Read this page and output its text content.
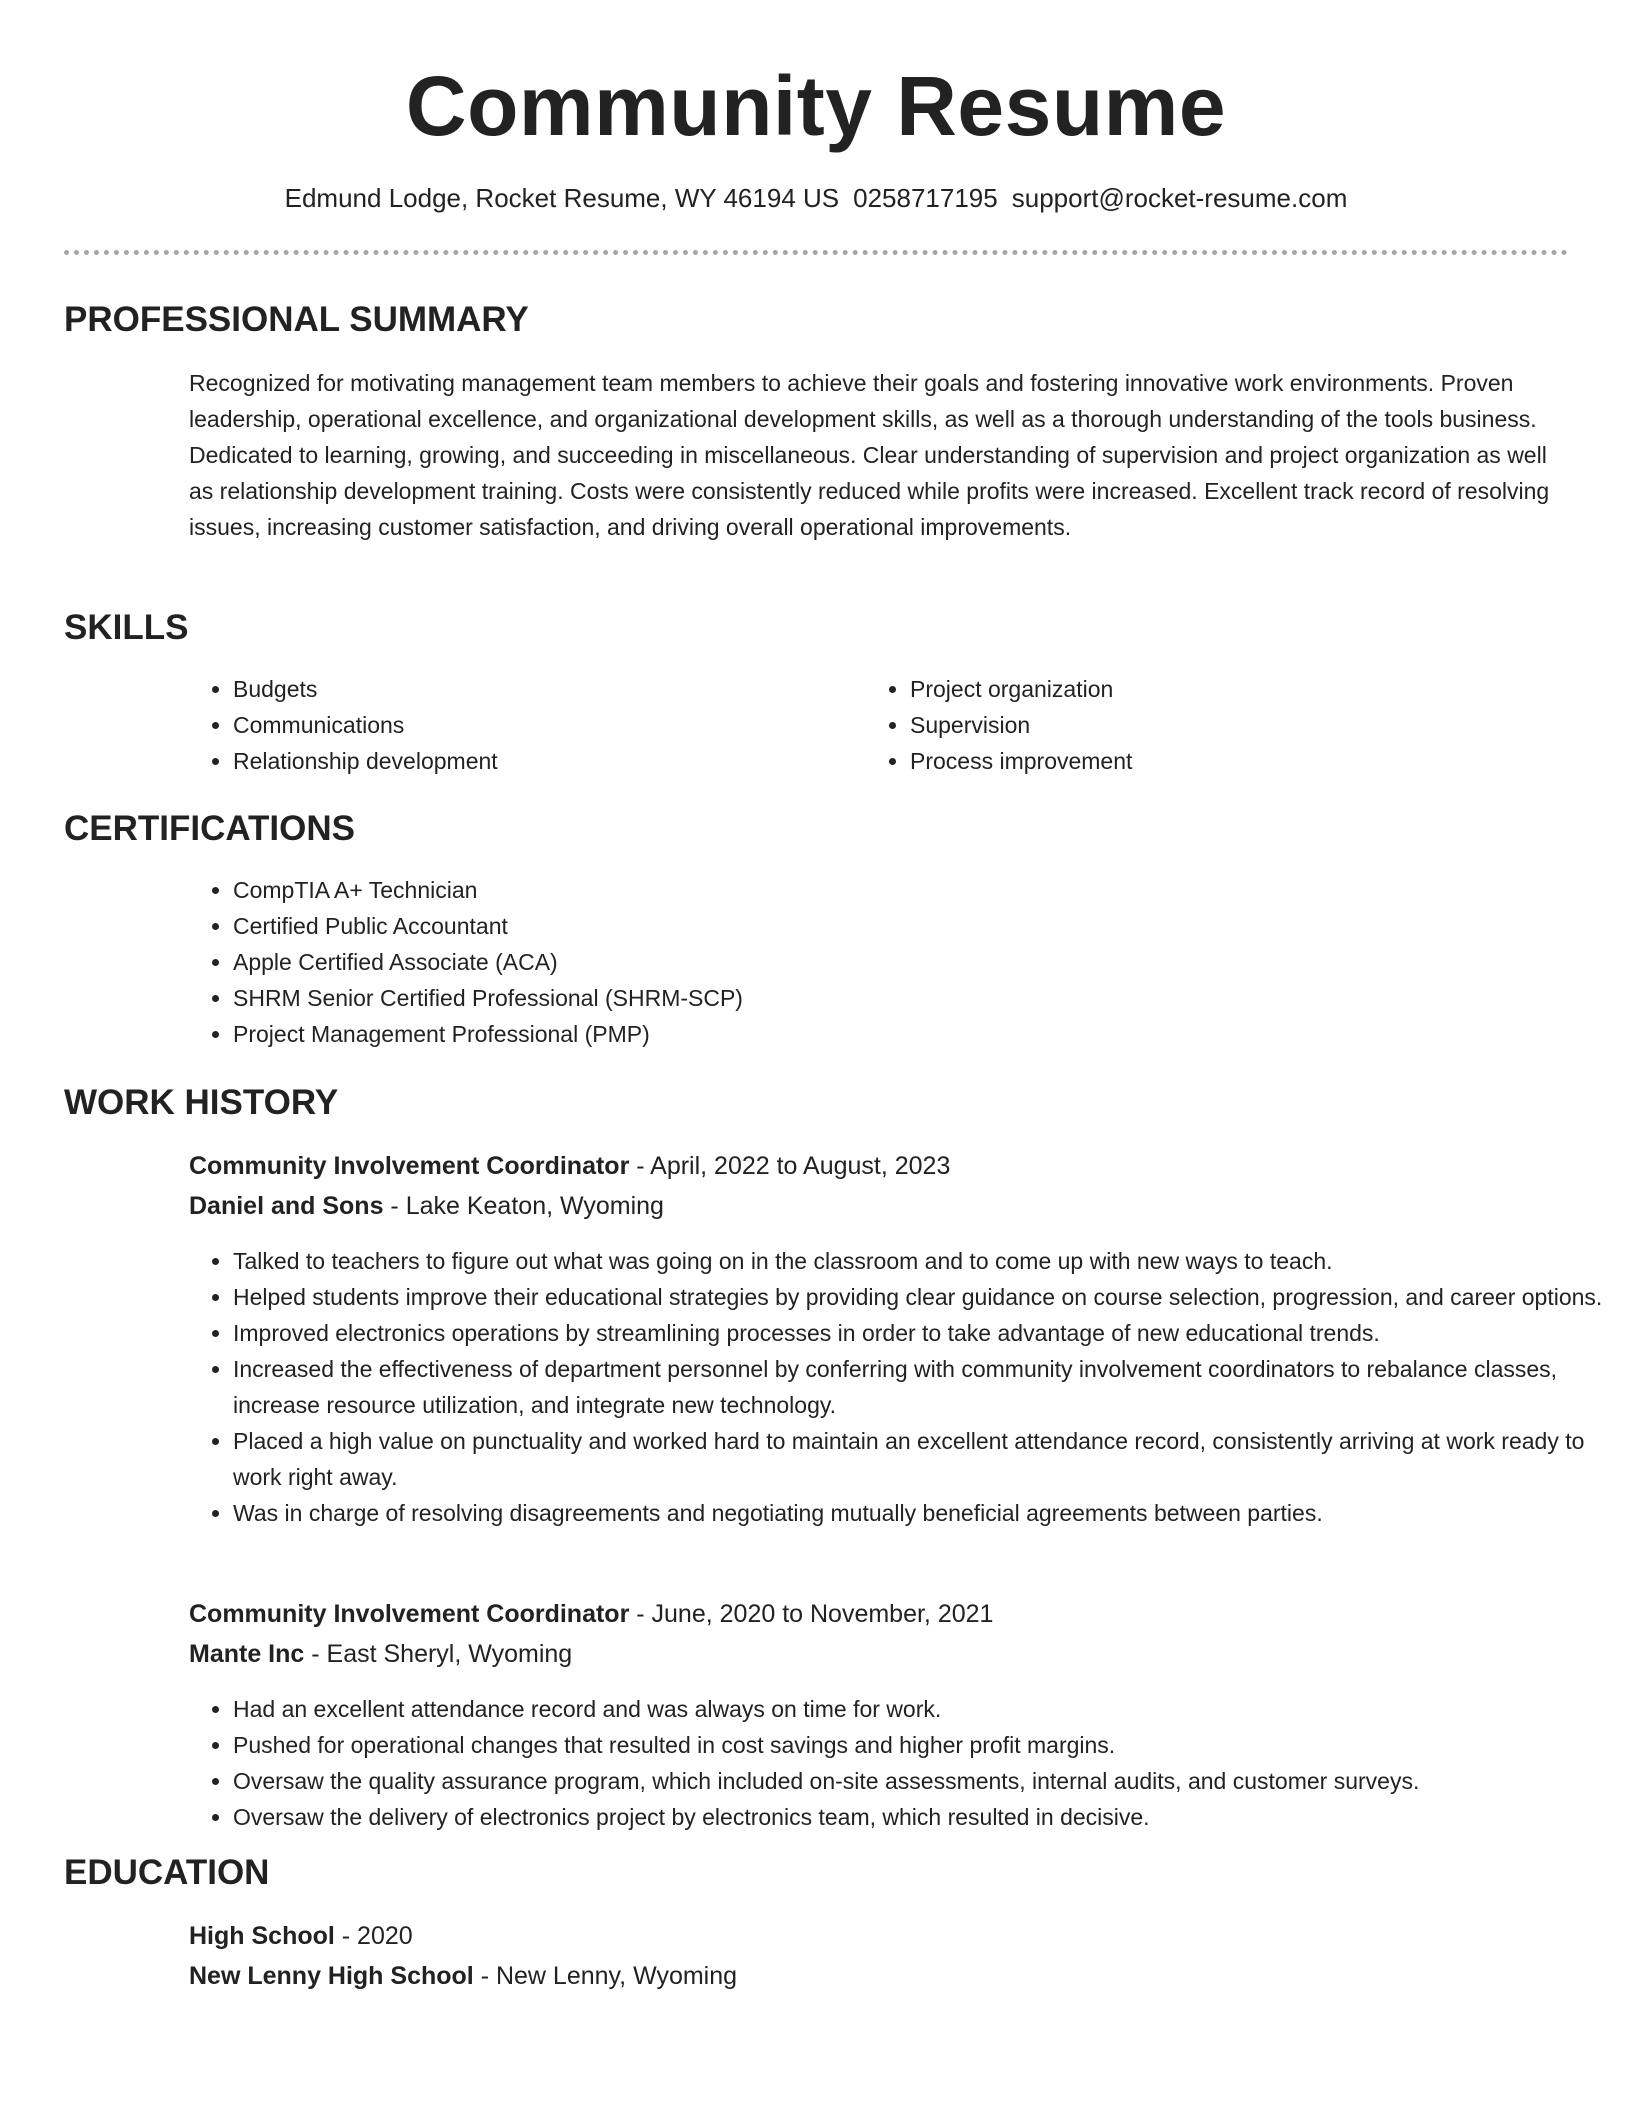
Community Resume
Edmund Lodge, Rocket Resume, WY 46194 US 0258717195 support@rocket-resume.com
PROFESSIONAL SUMMARY

Recognized for motivating management team members to achieve their goals and fostering innovative work environments. Proven leadership, operational excellence, and organizational development skills, as well as a thorough understanding of the tools business. Dedicated to learning, growing, and succeeding in miscellaneous. Clear understanding of supervision and project organization as well as relationship development training. Costs were consistently reduced while profits were increased. Excellent track record of resolving issues, increasing customer satisfaction, and driving overall operational improvements.

SKILLS
• Budgets
• Communications
• Relationship development
• Project organization
• Supervision
• Process improvement
CERTIFICATIONS
• CompTIA A+ Technician
• Certified Public Accountant
• Apple Certified Associate (ACA)
• SHRM Senior Certified Professional (SHRM-SCP)
• Project Management Professional (PMP)
WORK HISTORY
Community Involvement Coordinator - April, 2022 to August, 2023
Daniel and Sons - Lake Keaton, Wyoming
• Talked to teachers to figure out what was going on in the classroom and to come up with new ways to teach.
• Helped students improve their educational strategies by providing clear guidance on course selection, progression, and career options.
• Improved electronics operations by streamlining processes in order to take advantage of new educational trends.
• Increased the effectiveness of department personnel by conferring with community involvement coordinators to rebalance classes, increase resource utilization, and integrate new technology.
• Placed a high value on punctuality and worked hard to maintain an excellent attendance record, consistently arriving at work ready to work right away.
• Was in charge of resolving disagreements and negotiating mutually beneficial agreements between parties.
Community Involvement Coordinator - June, 2020 to November, 2021
Mante Inc - East Sheryl, Wyoming
• Had an excellent attendance record and was always on time for work.
• Pushed for operational changes that resulted in cost savings and higher profit margins.
• Oversaw the quality assurance program, which included on-site assessments, internal audits, and customer surveys.
• Oversaw the delivery of electronics project by electronics team, which resulted in decisive.
EDUCATION
High School - 2020
New Lenny High School - New Lenny, Wyoming
